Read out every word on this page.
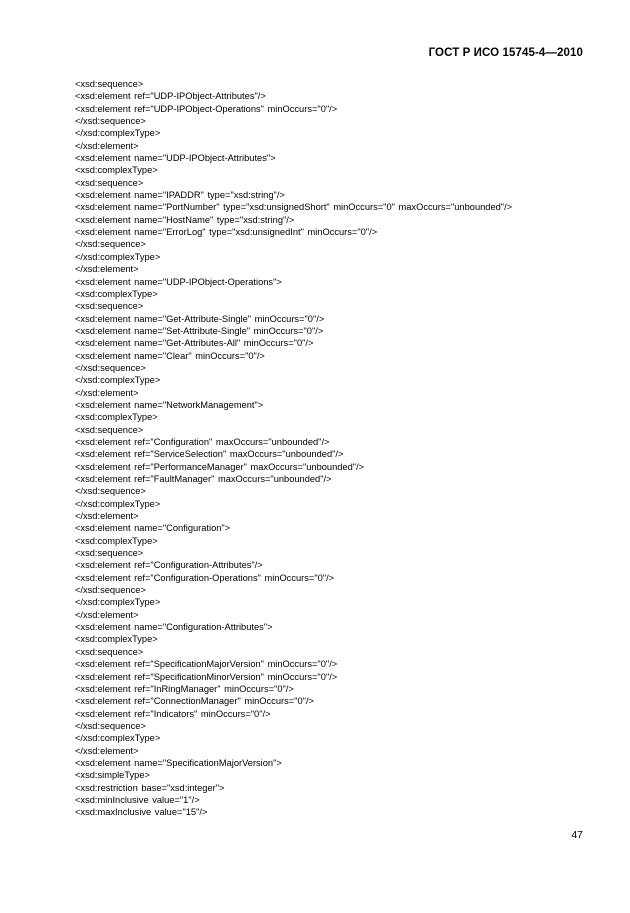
ГОСТ Р ИСО 15745-4—2010
<xsd:sequence>
<xsd:element ref="UDP-IPObject-Attributes"/>
<xsd:element ref="UDP-IPObject-Operations" minOccurs="0"/>
</xsd:sequence>
</xsd:complexType>
</xsd:element>
<xsd:element name="UDP-IPObject-Attributes">
<xsd:complexType>
<xsd:sequence>
<xsd:element name="IPADDR" type="xsd:string"/>
<xsd:element name="PortNumber" type="xsd:unsignedShort" minOccurs="0" maxOccurs="unbounded"/>
<xsd:element name="HostName" type="xsd:string"/>
<xsd:element name="ErrorLog" type="xsd:unsignedInt" minOccurs="0"/>
</xsd:sequence>
</xsd:complexType>
</xsd:element>
<xsd:element name="UDP-IPObject-Operations">
<xsd:complexType>
<xsd:sequence>
<xsd:element name="Get-Attribute-Single" minOccurs="0"/>
<xsd:element name="Set-Attribute-Single" minOccurs="0"/>
<xsd:element name="Get-Attributes-All" minOccurs="0"/>
<xsd:element name="Clear" minOccurs="0"/>
</xsd:sequence>
</xsd:complexType>
</xsd:element>
<xsd:element name="NetworkManagement">
<xsd:complexType>
<xsd:sequence>
<xsd:element ref="Configuration" maxOccurs="unbounded"/>
<xsd:element ref="ServiceSelection" maxOccurs="unbounded"/>
<xsd:element ref="PerformanceManager" maxOccurs="unbounded"/>
<xsd:element ref="FaultManager" maxOccurs="unbounded"/>
</xsd:sequence>
</xsd:complexType>
</xsd:element>
<xsd:element name="Configuration">
<xsd:complexType>
<xsd:sequence>
<xsd:element ref="Configuration-Attributes"/>
<xsd:element ref="Configuration-Operations" minOccurs="0"/>
</xsd:sequence>
</xsd:complexType>
</xsd:element>
<xsd:element name="Configuration-Attributes">
<xsd:complexType>
<xsd:sequence>
<xsd:element ref="SpecificationMajorVersion" minOccurs="0"/>
<xsd:element ref="SpecificationMinorVersion" minOccurs="0"/>
<xsd:element ref="InRingManager" minOccurs="0"/>
<xsd:element ref="ConnectionManager" minOccurs="0"/>
<xsd:element ref="Indicators" minOccurs="0"/>
</xsd:sequence>
</xsd:complexType>
</xsd:element>
<xsd:element name="SpecificationMajorVersion">
<xsd:simpleType>
<xsd:restriction base="xsd:integer">
<xsd:minInclusive value="1"/>
<xsd:maxInclusive value="15"/>
47
